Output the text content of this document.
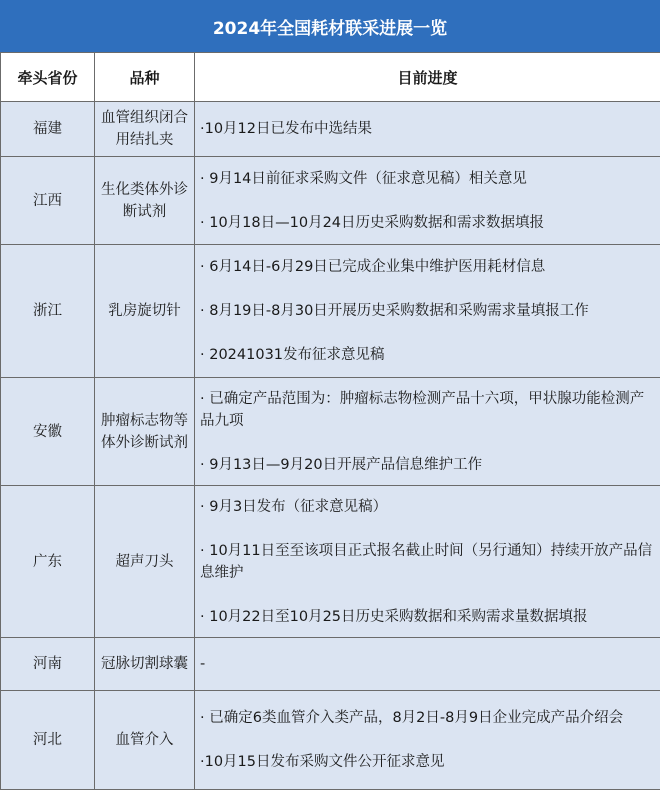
2024年全国耗材联采进展一览
牵头省份	品种	目前进度
福建	血管组织闭合用结扎夹	·10月12日已发布中选结果

江西	生化类体外诊断试剂	· 9月14日前征求采购文件（征求意见稿）相关意见

· 10月18日—10月24日历史采购数据和需求数据填报

浙江	乳房旋切针	· 6月14日-6月29日已完成企业集中维护医用耗材信息

· 8月19日-8月30日开展历史采购数据和采购需求量填报工作

· 20241031发布征求意见稿

安徽	肿瘤标志物等体外诊断试剂	· 已确定产品范围为：肿瘤标志物检测产品十六项，甲状腺功能检测产品九项

· 9月13日—9月20日开展产品信息维护工作

广东	超声刀头	· 9月3日发布（征求意见稿）

· 10月11日至至该项目正式报名截止时间（另行通知）持续开放产品信息维护

· 10月22日至10月25日历史采购数据和采购需求量数据填报

河南	冠脉切割球囊	-

河北	血管介入	· 已确定6类血管介入类产品，8月2日-8月9日企业完成产品介绍会

·10月15日发布采购文件公开征求意见
